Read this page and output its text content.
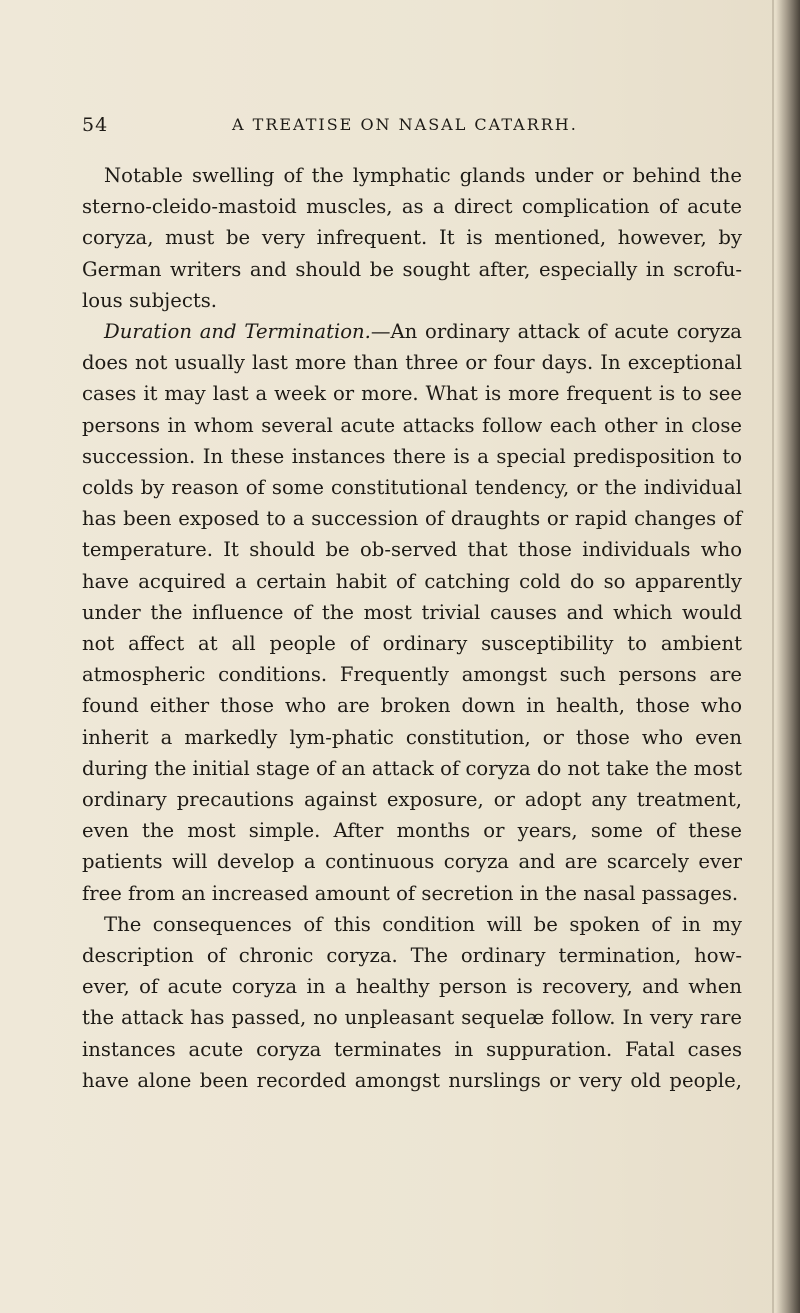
54	A TREATISE ON NASAL CATARRH.

Notable swelling of the lymphatic glands under or behind the sterno-cleido-mastoid muscles, as a direct complication of acute coryza, must be very infrequent. It is mentioned, however, by German writers and should be sought after, especially in scrofu-lous subjects.

Duration and Termination.—An ordinary attack of acute coryza does not usually last more than three or four days. In exceptional cases it may last a week or more. What is more frequent is to see persons in whom several acute attacks follow each other in close succession. In these instances there is a special predisposition to colds by reason of some constitutional tendency, or the individual has been exposed to a succession of draughts or rapid changes of temperature. It should be ob-served that those individuals who have acquired a certain habit of catching cold do so apparently under the influence of the most trivial causes and which would not affect at all people of ordinary susceptibility to ambient atmospheric conditions. Frequently amongst such persons are found either those who are broken down in health, those who inherit a markedly lym-phatic constitution, or those who even during the initial stage of an attack of coryza do not take the most ordinary precautions against exposure, or adopt any treatment, even the most simple. After months or years, some of these patients will develop a continuous coryza and are scarcely ever free from an increased amount of secretion in the nasal passages.

The consequences of this condition will be spoken of in my description of chronic coryza. The ordinary termination, how-ever, of acute coryza in a healthy person is recovery, and when the attack has passed, no unpleasant sequelæ follow. In very rare instances acute coryza terminates in suppuration. Fatal cases have alone been recorded amongst nurslings or very old people,
